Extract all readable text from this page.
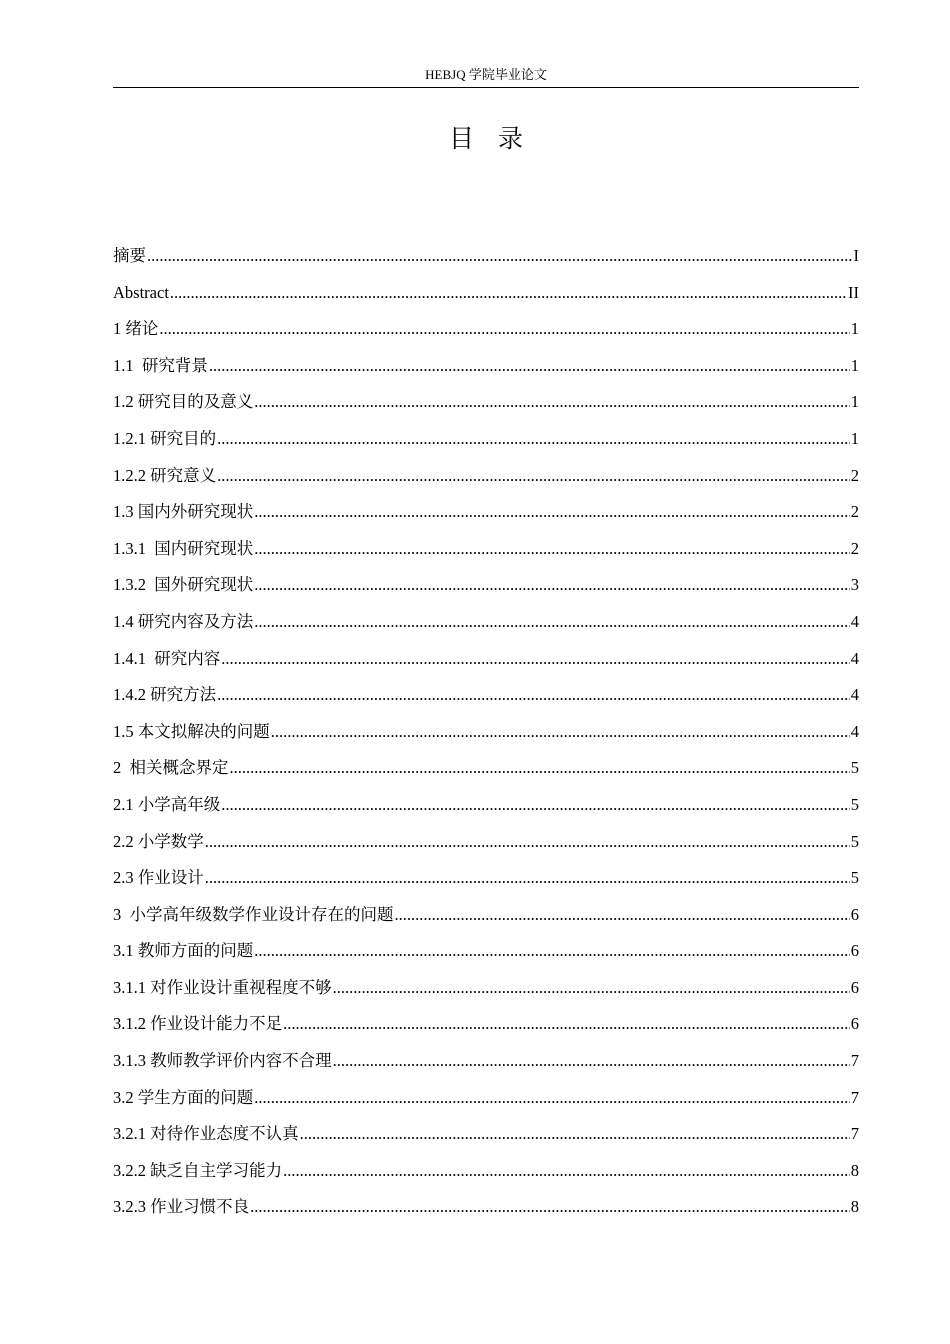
HEBJQ 学院毕业论文
目录
摘要 .....	I
Abstract .....	II
1 绪论 .....	1
1.1  研究背景 .....	1
1.2 研究目的及意义 .....	1
1.2.1 研究目的 .....	1
1.2.2 研究意义 .....	2
1.3 国内外研究现状 .....	2
1.3.1  国内研究现状 .....	2
1.3.2  国外研究现状 .....	3
1.4 研究内容及方法 .....	4
1.4.1  研究内容 .....	4
1.4.2 研究方法 .....	4
1.5 本文拟解决的问题 .....	4
2  相关概念界定 .....	5
2.1 小学高年级 .....	5
2.2 小学数学 .....	5
2.3 作业设计 .....	5
3  小学高年级数学作业设计存在的问题 .....	6
3.1 教师方面的问题 .....	6
3.1.1 对作业设计重视程度不够 .....	6
3.1.2 作业设计能力不足 .....	6
3.1.3 教师教学评价内容不合理 .....	7
3.2 学生方面的问题 .....	7
3.2.1 对待作业态度不认真 .....	7
3.2.2 缺乏自主学习能力 .....	8
3.2.3 作业习惯不良 .....	8
